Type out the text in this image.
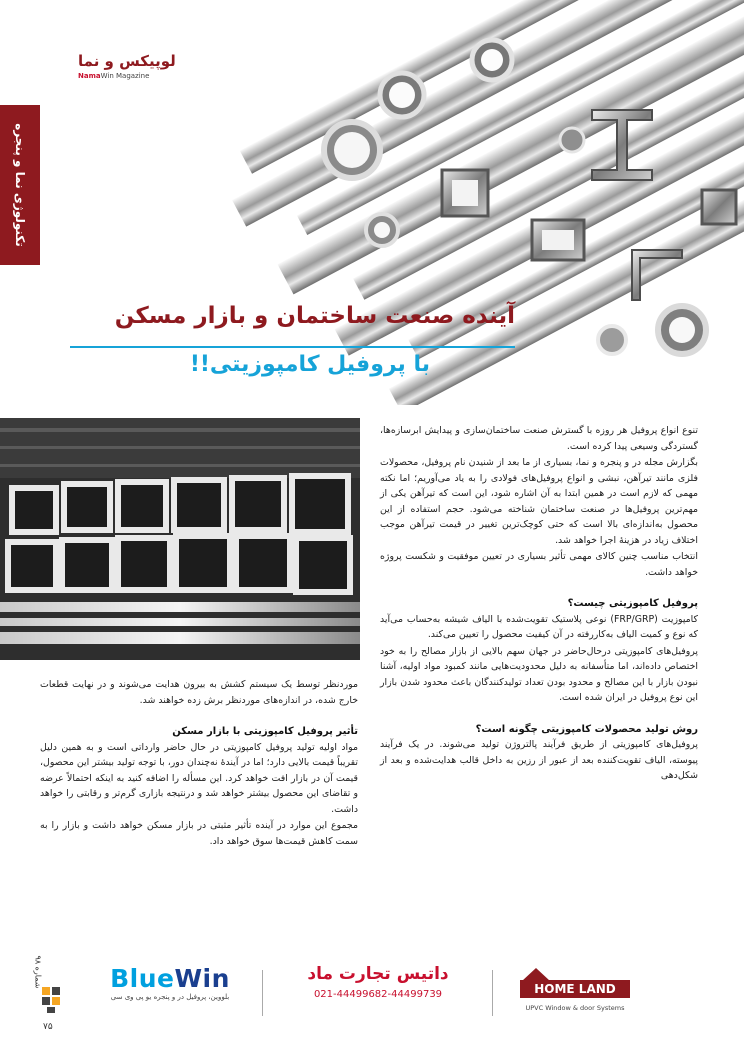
لوپیکس و نما
NamaWin Magazine
تکنولوژی نما و پنجره
آینده صنعت ساختمان و بازار مسکن
با پروفیل کامپوزیتی!!

تنوع انواع پروفیل هر روزه با گسترش صنعت ساختمان‌سازی و پیدایش ابرسازه‌ها، گستردگی وسیعی پیدا کرده است.

بگزارش مجله در و پنجره و نما، بسیاری از ما بعد از شنیدن نام پروفیل، محصولات فلزی مانند تیرآهن، نبشی و انواع پروفیل‌های فولادی را به یاد می‌آوریم؛ اما نکته مهمی که لازم است در همین ابتدا به آن اشاره شود، این است که تیرآهن یکی از مهم‌ترین پروفیل‌ها در صنعت ساختمان شناخته می‌شود. حجم استفاده از این محصول به‌اندازه‌ای بالا است که حتی کوچک‌ترین تغییر در قیمت تیرآهن موجب اختلاف زیاد در هزینهٔ اجرا خواهد شد.

انتخاب مناسب چنین کالای مهمی تأثیر بسیاری در تعیین موفقیت و شکست پروژه خواهد داشت.

پروفیل کامپوزیتی چیست؟

کامپوزیت (FRP/GRP) نوعی پلاستیک تقویت‌شده با الیاف شیشه به‌حساب می‌آید که نوع و کمیت الیاف به‌کاررفته در آن کیفیت محصول را تعیین می‌کند.

پروفیل‌های کامپوزیتی درحال‌حاضر در جهان سهم بالایی از بازار مصالح را به خود اختصاص داده‌اند، اما متأسفانه به دلیل محدودیت‌هایی مانند کمبود مواد اولیه، آشنا نبودن بازار با این مصالح و محدود بودن تعداد تولیدکنندگان باعث محدود شدن بازار این نوع پروفیل در ایران شده است.

روش تولید محصولات کامپوزیتی چگونه است؟

پروفیل‌های کامپوزیتی از طریق فرآیند پالتروژن تولید می‌شوند. در یک فرآیند پیوسته، الیاف تقویت‌کننده بعد از عبور از رزین به داخل قالب هدایت‌شده و بعد از شکل‌دهی

موردنظر توسط یک سیستم کشش به بیرون هدایت می‌شوند و در نهایت قطعات خارج شده، در اندازه‌های موردنظر برش زده خواهند شد.

تأثیر پروفیل کامپوزیتی با بازار مسکن

مواد اولیه تولید پروفیل کامپوزیتی در حال حاضر وارداتی است و به همین دلیل تقریباً قیمت بالایی دارد؛ اما در آیندهٔ نه‌چندان دور، با توجه تولید بیشتر این محصول، قیمت آن در بازار افت خواهد کرد. این مسأله را اضافه کنید به اینکه احتمالاً عرضه و تقاضای این محصول بیشتر خواهد شد و درنتیجه بازاری گرم‌تر و رقابتی را خواهد داشت.

مجموع این موارد در آینده تأثیر مثبتی در بازار مسکن خواهد داشت و بازار را به سمت کاهش قیمت‌ها سوق خواهد داد.

BlueWin
بلووین، پروفیل در و پنجره یو پی وی سی
داتیس تجارت ماد
021-44499682-44499739	HOME LAND
UPVC Window & door Systems
شماره ۹۸
۷۵
